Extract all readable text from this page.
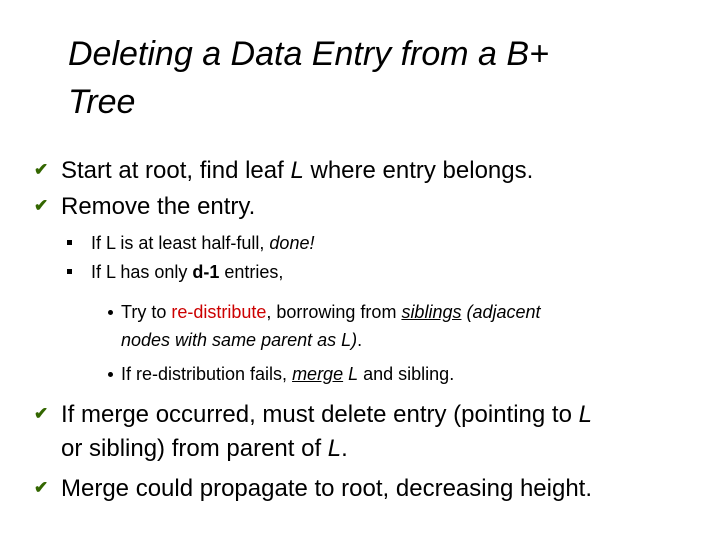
Deleting a Data Entry from a B+
Tree
✔ Start at root, find leaf L where entry belongs.
✔ Remove the entry.
If L is at least half-full, done!
If L has only d-1 entries,
Try to re-distribute, borrowing from siblings (adjacent
nodes with same parent as L).
If re-distribution fails, merge L and sibling.
✔ If merge occurred, must delete entry (pointing to L
or sibling) from parent of L.
✔ Merge could propagate to root, decreasing height.
